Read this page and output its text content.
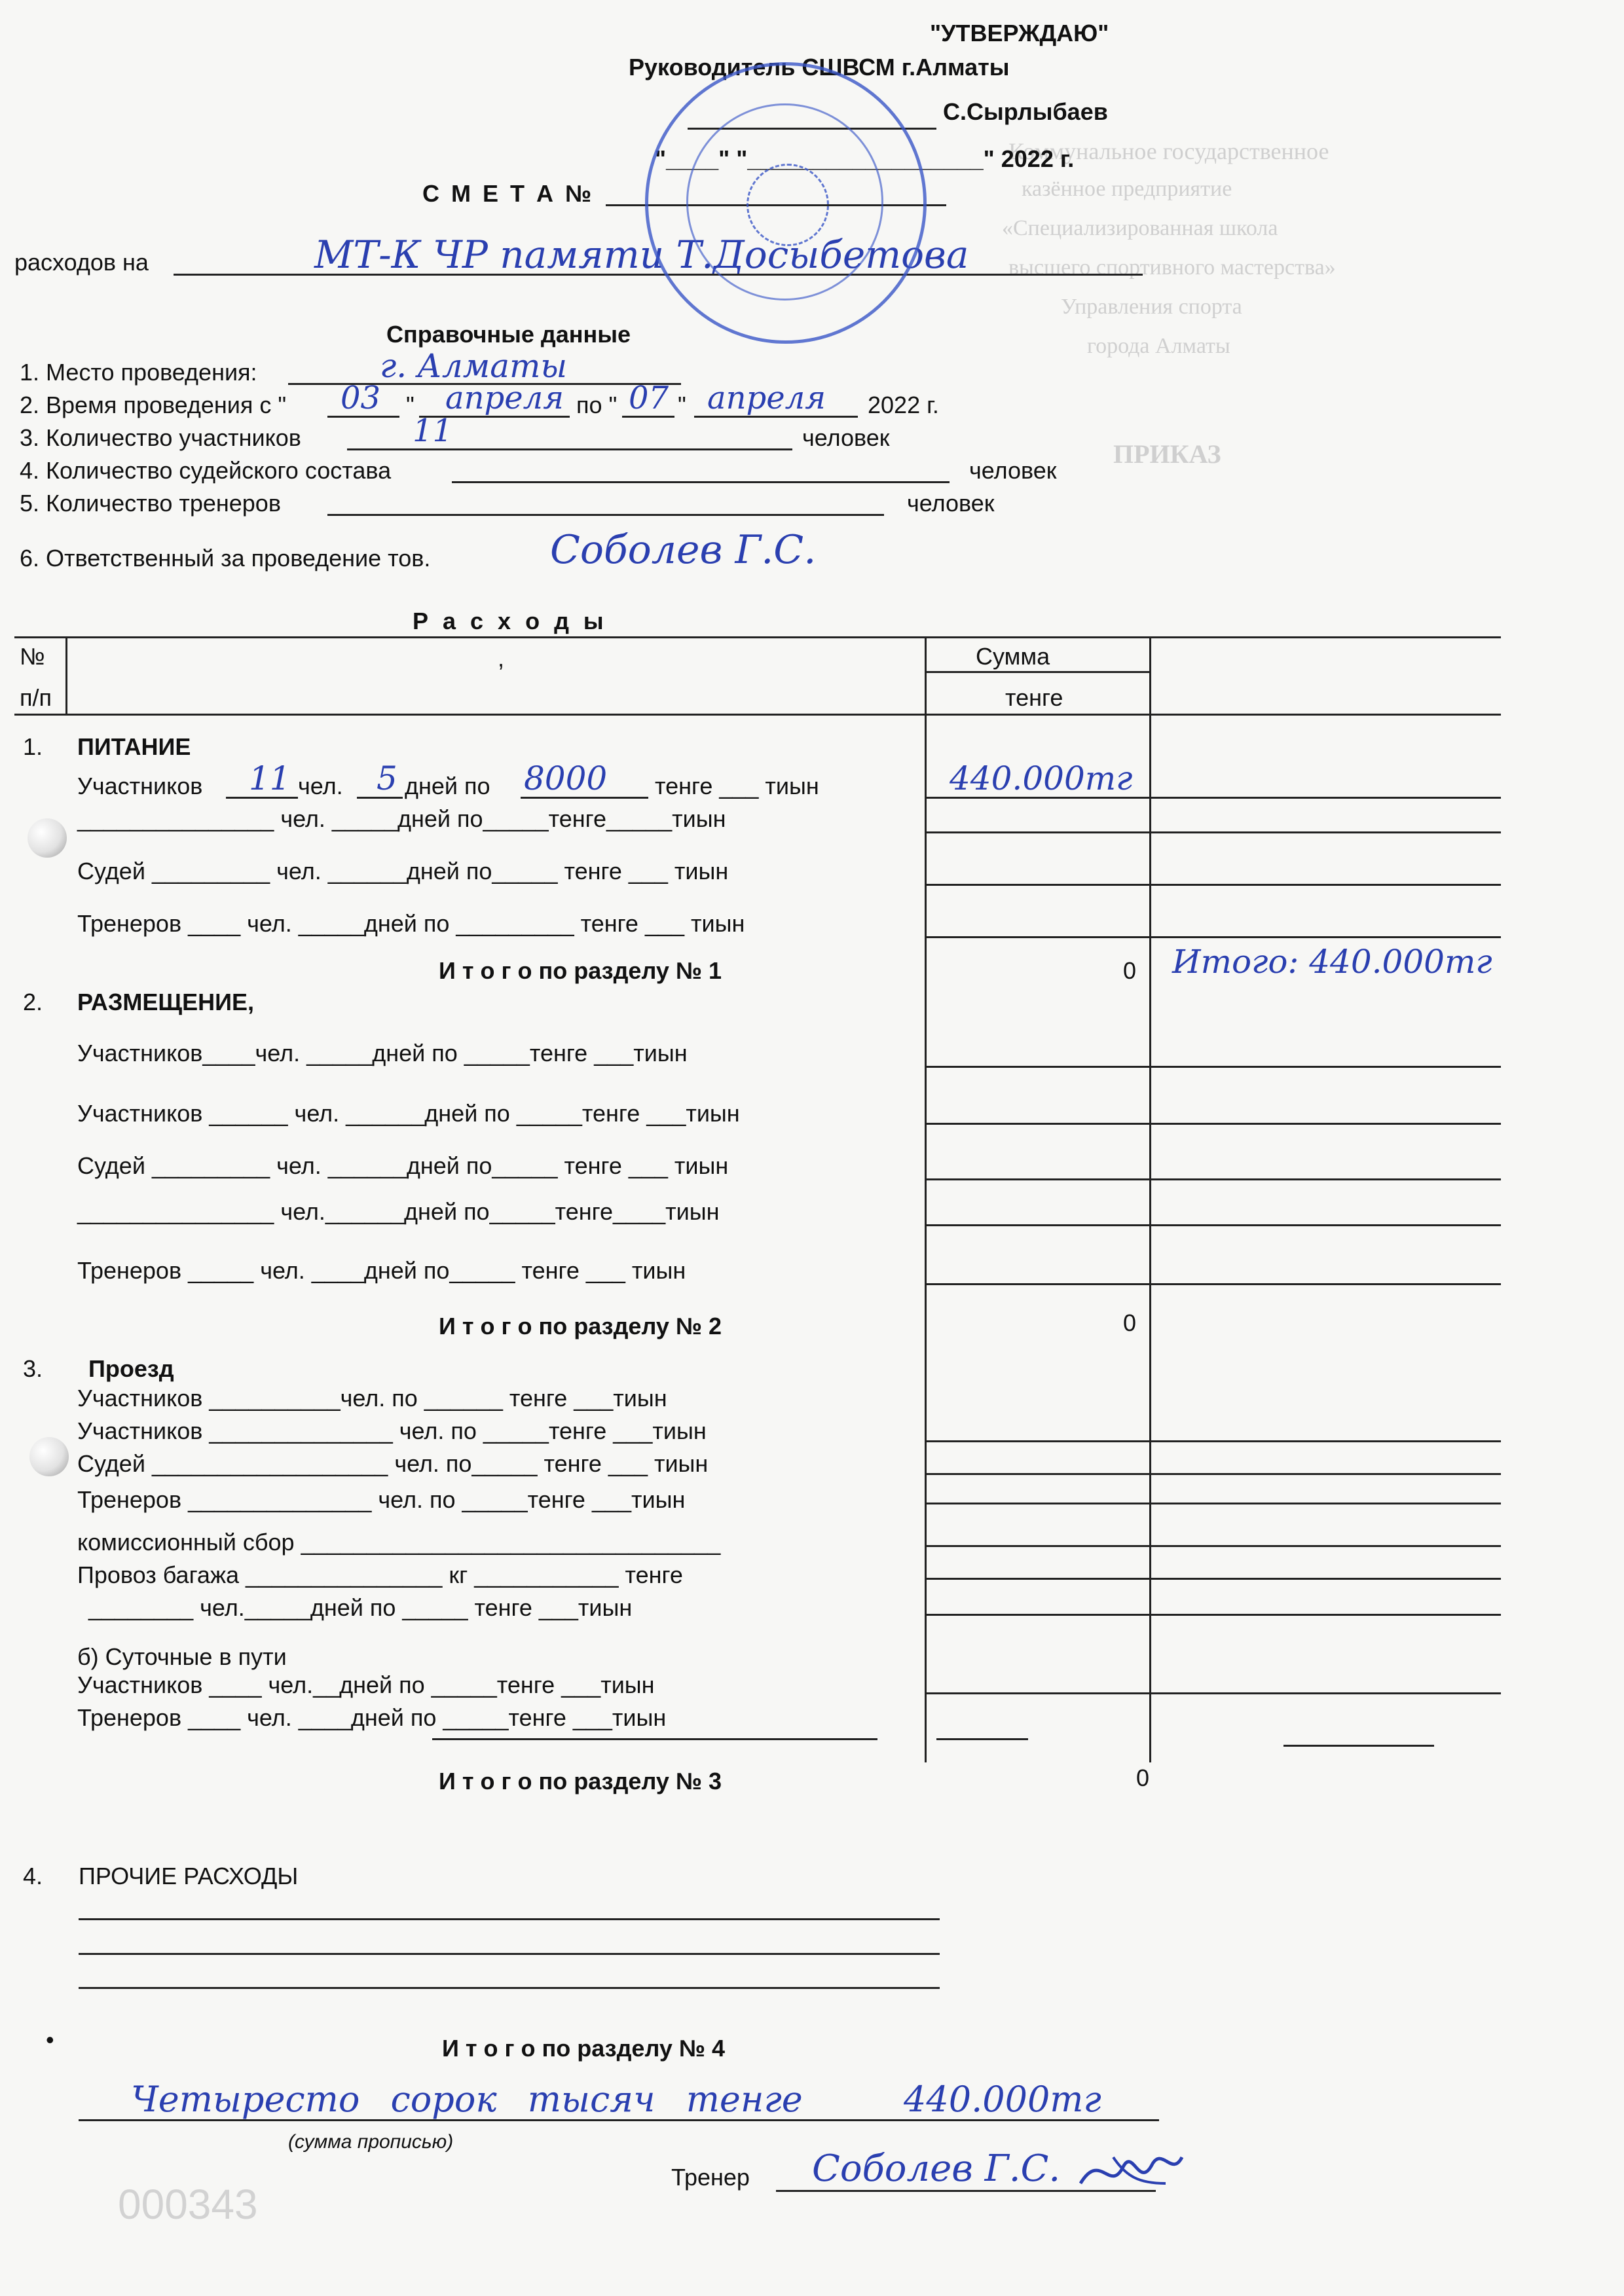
Коммунальное государственное
казённое предприятие
«Специализированная школа
высшего спортивного мастерства»
Управления спорта
города Алматы
ПРИКАЗ
000343
"УТВЕРЖДАЮ"
Руководитель СШВСМ г.Алматы
С.Сырлыбаев
"____" "__________________" 2022 г.
С М Е Т А №
расходов на	МТ-К ЧР памяти Т.Досыбетова
Справочные данные
1. Место проведения:	г. Алматы
2. Время проведения с " 03 " апреля по " 07 " апреля 2022 г.
3. Количество участников	11	человек
4. Количество судейского состава	человек
5. Количество тренеров	человек
6. Ответственный за проведение тов.	Соболев Г.С.
Р а с х о д ы
№
п/п
,	Сумма
тенге
1. ПИТАНИЕ
Участников 11 чел. 5 дней по 8000 тенге ___ тиын	440.000тг
_______________ чел. _____дней по_____тенге_____тиын
Судей _________ чел. ______дней по_____ тенге ___ тиын
Тренеров ____ чел. _____дней по _________ тенге ___ тиын
И т о г о по разделу № 1	0 Итого: 440.000тг
2. РАЗМЕЩЕНИЕ,
Участников____чел. _____дней по _____тенге ___тиын
Участников ______ чел. ______дней по _____тенге ___тиын
Судей _________ чел. ______дней по_____ тенге ___ тиын
_______________ чел.______дней по_____тенге____тиын
Тренеров _____ чел. ____дней по_____ тенге ___ тиын
И т о г о по разделу № 2	0
3. Проезд
Участников __________чел. по ______ тенге ___тиын
Участников ______________ чел. по _____тенге ___тиын
Судей __________________ чел. по_____ тенге ___ тиын
Тренеров ______________ чел. по _____тенге ___тиын
комиссионный сбор ________________________________
Провоз багажа _______________ кг ___________ тенге
________ чел._____дней по _____ тенге ___тиын
б) Суточные в пути
Участников ____ чел.__дней по _____тенге ___тиын
Тренеров ____ чел. ____дней по _____тенге ___тиын
И т о г о по разделу № 3	0
4. ПРОЧИЕ РАСХОДЫ
•	И т о г о по разделу № 4
Четыресто сорок тысяч тенге	440.000тг
(сумма прописью)
Тренер Соболев Г.С.
